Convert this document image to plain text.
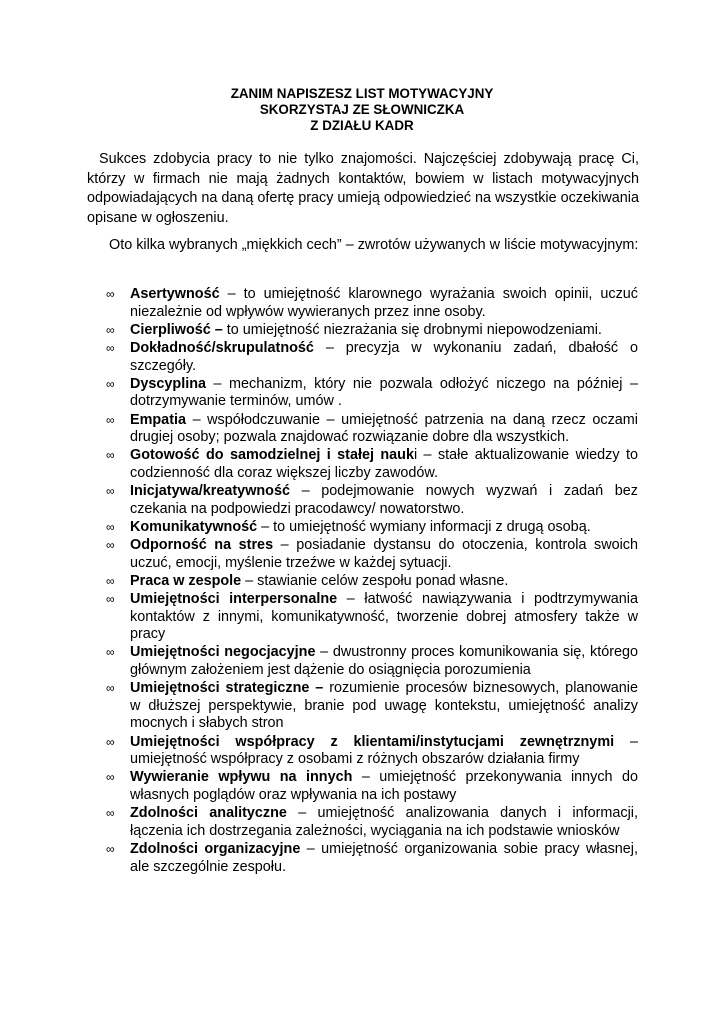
ZANIM NAPISZESZ LIST MOTYWACYJNY
SKORZYSTAJ ZE SŁOWNICZKA
Z DZIAŁU KADR

Sukces zdobycia pracy to nie tylko znajomości. Najczęściej zdobywają pracę Ci, którzy w firmach nie mają żadnych kontaktów, bowiem w listach motywacyjnych odpowiadających na daną ofertę pracy umieją odpowiedzieć na wszystkie oczekiwania opisane w ogłoszeniu.

Oto kilka wybranych „miękkich cech” – zwrotów używanych w liście motywacyjnym:

∞ Asertywność – to umiejętność klarownego wyrażania swoich opinii, uczuć niezależnie od wpływów wywieranych przez inne osoby.
∞ Cierpliwość – to umiejętność niezrażania się drobnymi niepowodzeniami.
∞ Dokładność/skrupulatność – precyzja w wykonaniu zadań, dbałość o szczegóły.
∞ Dyscyplina – mechanizm, który nie pozwala odłożyć niczego na później – dotrzymywanie terminów, umów .
∞ Empatia – współodczuwanie – umiejętność patrzenia na daną rzecz oczami drugiej osoby; pozwala znajdować rozwiązanie dobre dla wszystkich.
∞ Gotowość do samodzielnej i stałej nauki – stałe aktualizowanie wiedzy to codzienność dla coraz większej liczby zawodów.
∞ Inicjatywa/kreatywność – podejmowanie nowych wyzwań i zadań bez czekania na podpowiedzi pracodawcy/ nowatorstwo.
∞ Komunikatywność – to umiejętność wymiany informacji z drugą osobą.
∞ Odporność na stres – posiadanie dystansu do otoczenia, kontrola swoich uczuć, emocji, myślenie trzeźwe w każdej sytuacji.
∞ Praca w zespole – stawianie celów zespołu ponad własne.
∞ Umiejętności interpersonalne – łatwość nawiązywania i podtrzymywania kontaktów z innymi, komunikatywność, tworzenie dobrej atmosfery także w pracy
∞ Umiejętności negocjacyjne – dwustronny proces komunikowania się, którego głównym założeniem jest dążenie do osiągnięcia porozumienia
∞ Umiejętności strategiczne – rozumienie procesów biznesowych, planowanie w dłuższej perspektywie, branie pod uwagę kontekstu, umiejętność analizy mocnych i słabych stron
∞ Umiejętności współpracy z klientami/instytucjami zewnętrznymi – umiejętność współpracy z osobami z różnych obszarów działania firmy
∞ Wywieranie wpływu na innych – umiejętność przekonywania innych do własnych poglądów oraz wpływania na ich postawy
∞ Zdolności analityczne – umiejętność analizowania danych i informacji, łączenia ich dostrzegania zależności, wyciągania na ich podstawie wniosków
∞ Zdolności organizacyjne – umiejętność organizowania sobie pracy własnej, ale szczególnie zespołu.
